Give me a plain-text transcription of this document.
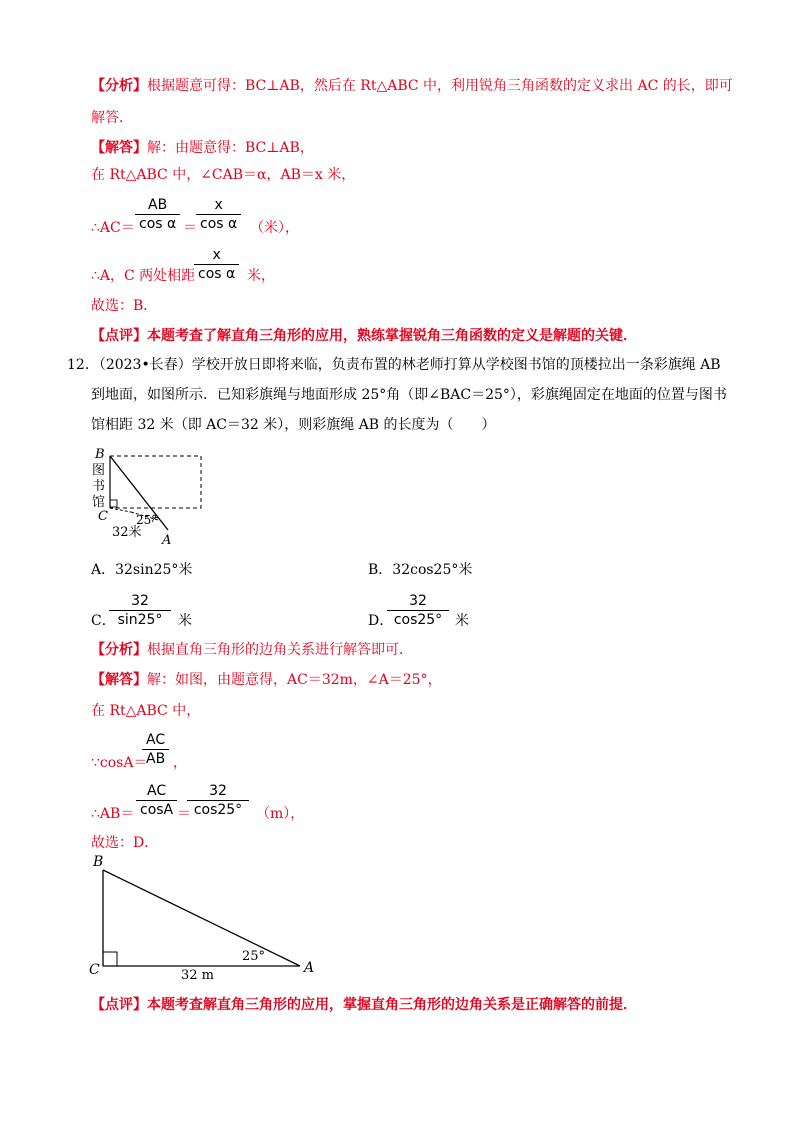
【分析】根据题意可得：BC⊥AB，然后在 Rt△ABC 中，利用锐角三角函数的定义求出 AC 的长，即可
解答．
【解答】解：由题意得：BC⊥AB，
在 Rt△ABC 中，∠CAB＝α，AB＝x 米，
∴AC＝
AB
cos α ＝
x
cos α （米），
∴A，C 两处相距
x
cos α 米，
故选：B．
【点评】本题考查了解直角三角形的应用，熟练掌握锐角三角函数的定义是解题的关键．
12．（2023•长春）学校开放日即将来临，负责布置的林老师打算从学校图书馆的顶楼拉出一条彩旗绳 AB
到地面，如图所示．已知彩旗绳与地面形成 25°角（即∠BAC＝25°），彩旗绳固定在地面的位置与图书
馆相距 32 米（即 AC＝32 米），则彩旗绳 AB 的长度为（　　）
B
图
书
馆
C
32米
25°
A
A．32sin25°米	B．32cos25°米
C．
32
sin25°	米	D．
32
cos25° 米
【分析】根据直角三角形的边角关系进行解答即可．
【解答】解：如图，由题意得，AC＝32m，∠A＝25°，
在 Rt△ABC 中，
∵cosA＝
AC
AB ，
∴AB＝
AC
cosA ＝
32
cos25° （m），
故选：D．
B
C	A
32 m
25°
【点评】本题考查解直角三角形的应用，掌握直角三角形的边角关系是正确解答的前提．
